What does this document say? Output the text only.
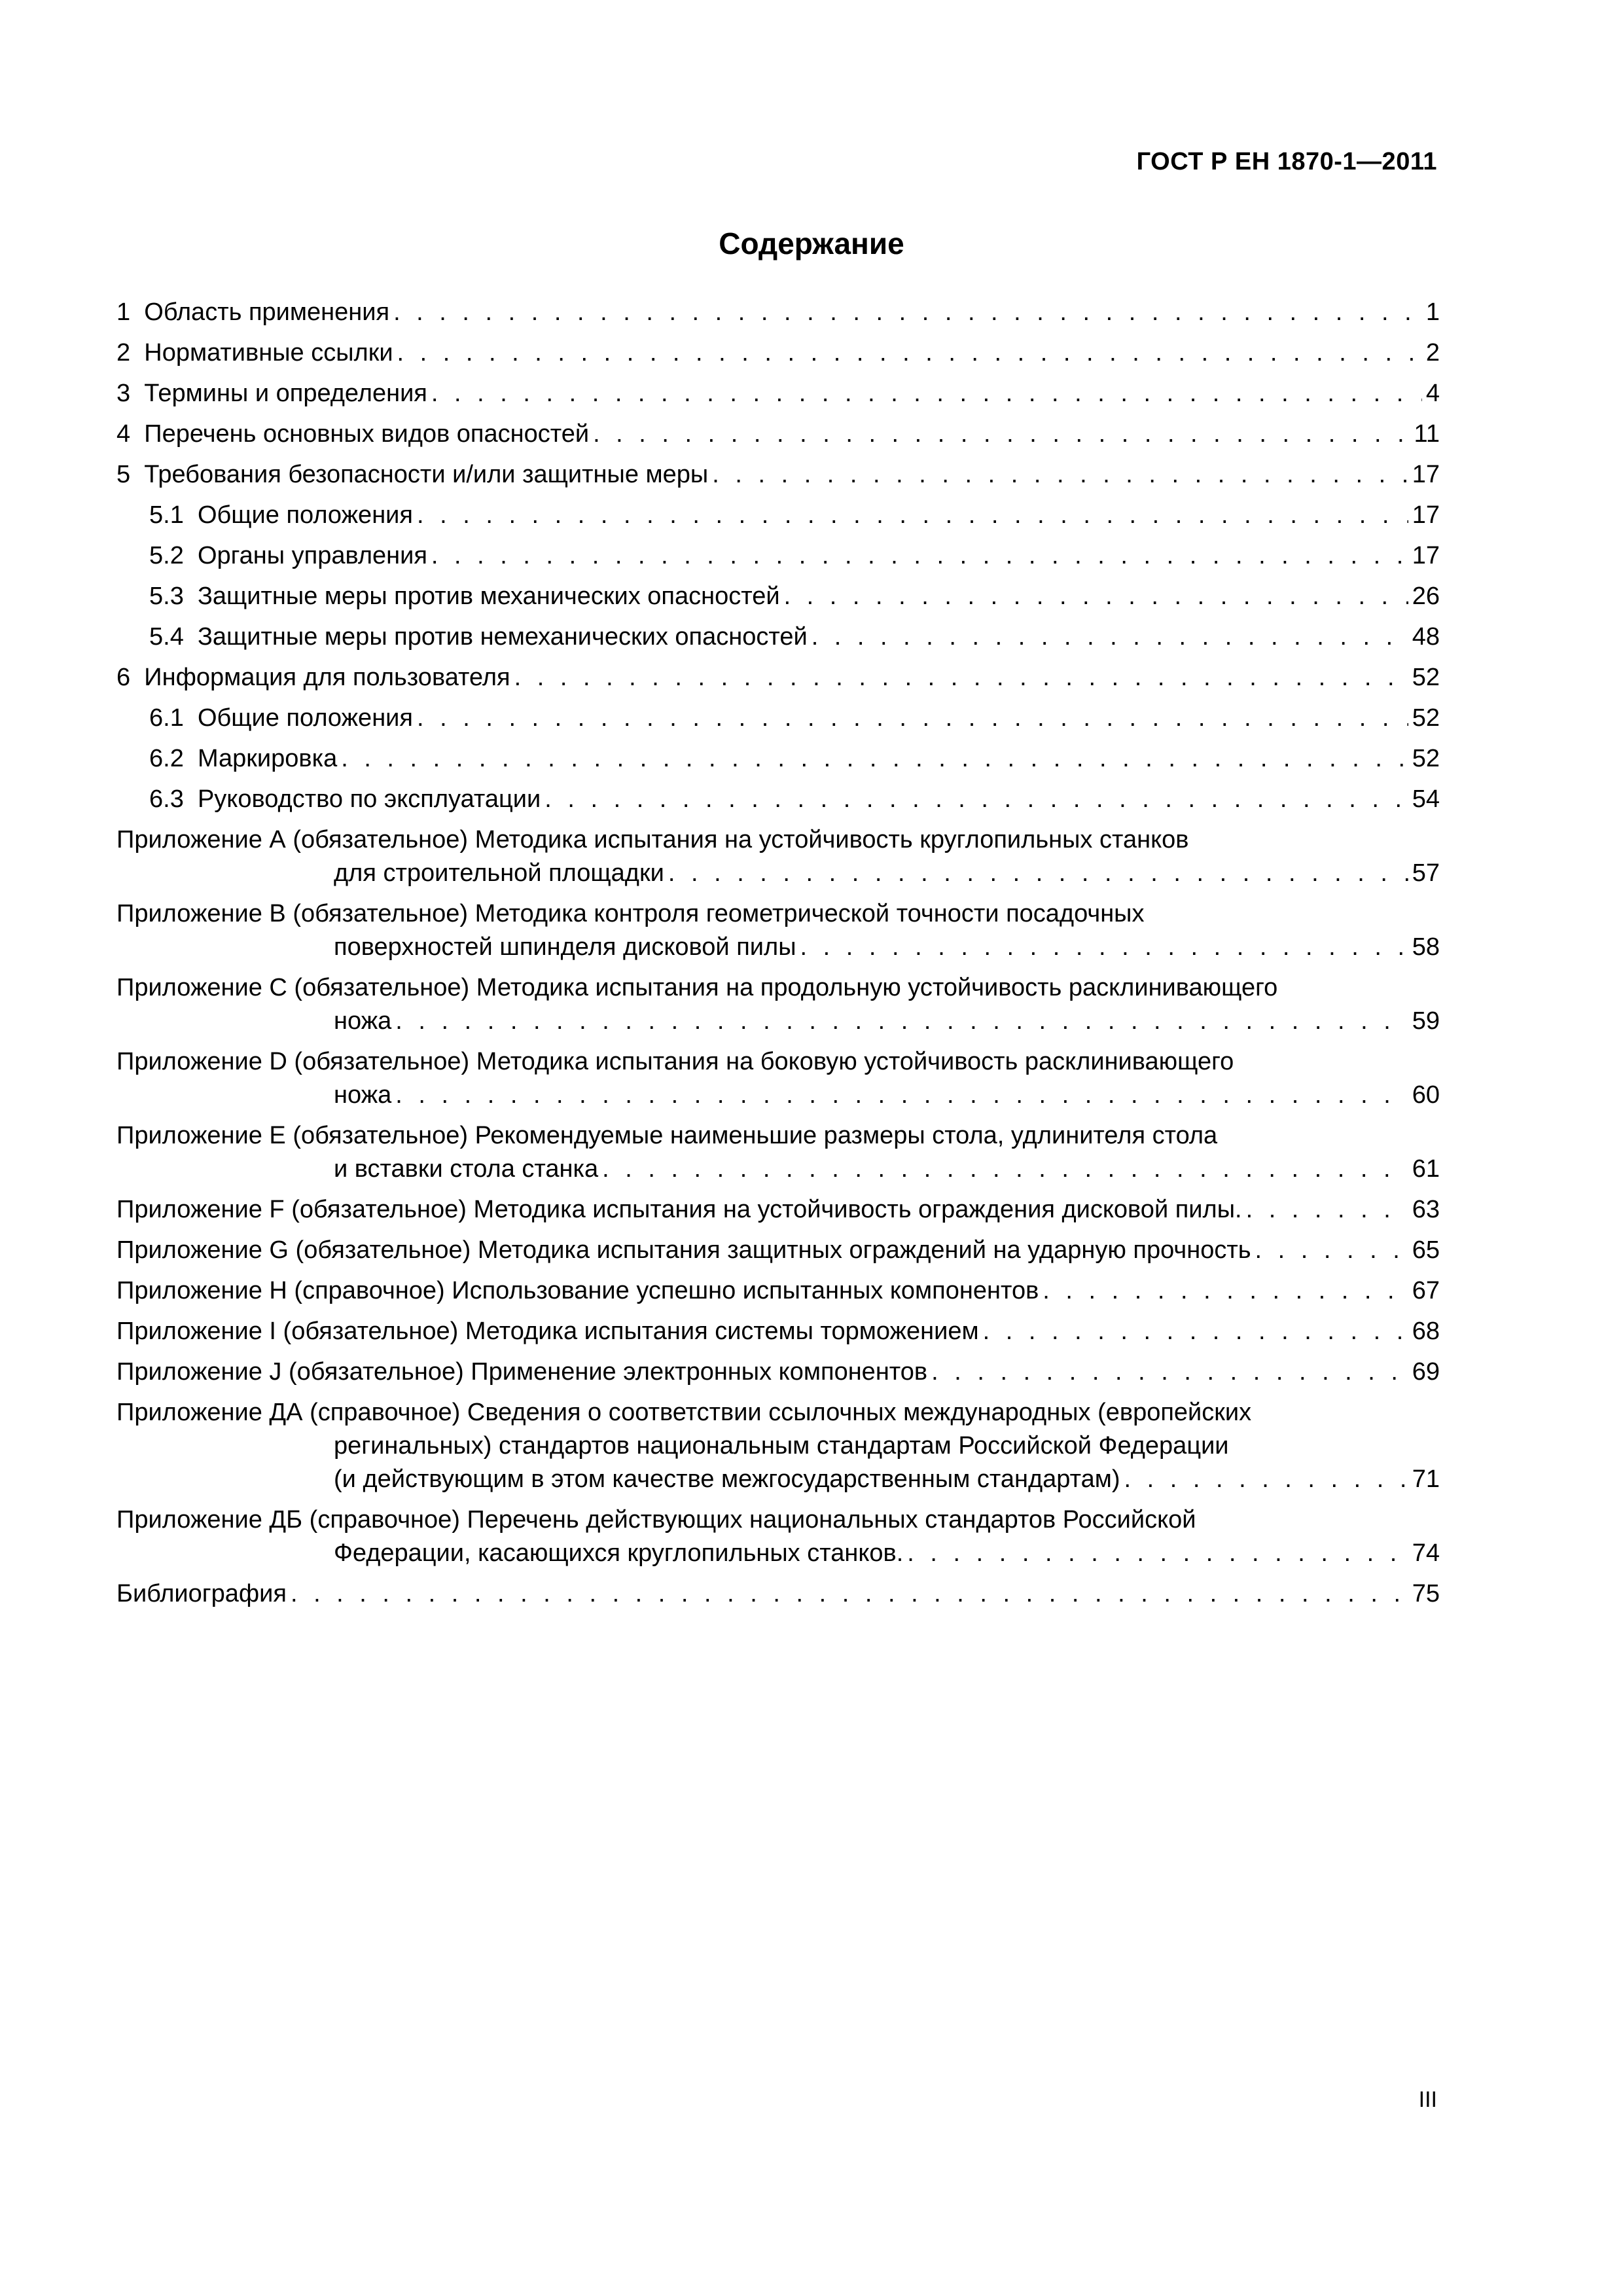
ГОСТ Р ЕН 1870-1—2011
Содержание
1 Область применения . . .	1
2 Нормативные ссылки . . .	2
3 Термины и определения . . .	4
4 Перечень основных видов опасностей . . .	11
5 Требования безопасности и/или защитные меры . . .	17
5.1 Общие положения . . .	17
5.2 Органы управления . . .	17
5.3 Защитные меры против механических опасностей . . .	26
5.4 Защитные меры против немеханических опасностей . . .	48
6 Информация для пользователя . . .	52
6.1 Общие положения . . .	52
6.2 Маркировка . . .	52
6.3 Руководство по эксплуатации . . .	54
Приложение А (обязательное) Методика испытания на устойчивость круглопильных станков
для строительной площадки . . .	57
Приложение В (обязательное) Методика контроля геометрической точности посадочных
поверхностей шпинделя дисковой пилы . . .	58
Приложение С (обязательное) Методика испытания на продольную устойчивость расклинивающего
ножа . . .	59
Приложение D (обязательное) Методика испытания на боковую устойчивость расклинивающего
ножа . . .	60
Приложение Е (обязательное) Рекомендуемые наименьшие размеры стола, удлинителя стола
и вставки стола станка . . .	61
Приложение F (обязательное) Методика испытания на устойчивость ограждения дисковой пилы. . . .	63
Приложение G (обязательное) Методика испытания защитных ограждений на ударную прочность . . .	65
Приложение Н (справочное) Использование успешно испытанных компонентов . . .	67
Приложение I (обязательное) Методика испытания системы торможением . . .	68
Приложение J (обязательное) Применение электронных компонентов . . .	69
Приложение ДА (справочное) Сведения о соответствии ссылочных международных (европейских
регинальных) стандартов национальным стандартам Российской Федерации
(и действующим в этом качестве межгосударственным стандартам) . . .	71
Приложение ДБ (справочное) Перечень действующих национальных стандартов Российской
Федерации, касающихся круглопильных станков. . . .	74
Библиография . . .	75
III
